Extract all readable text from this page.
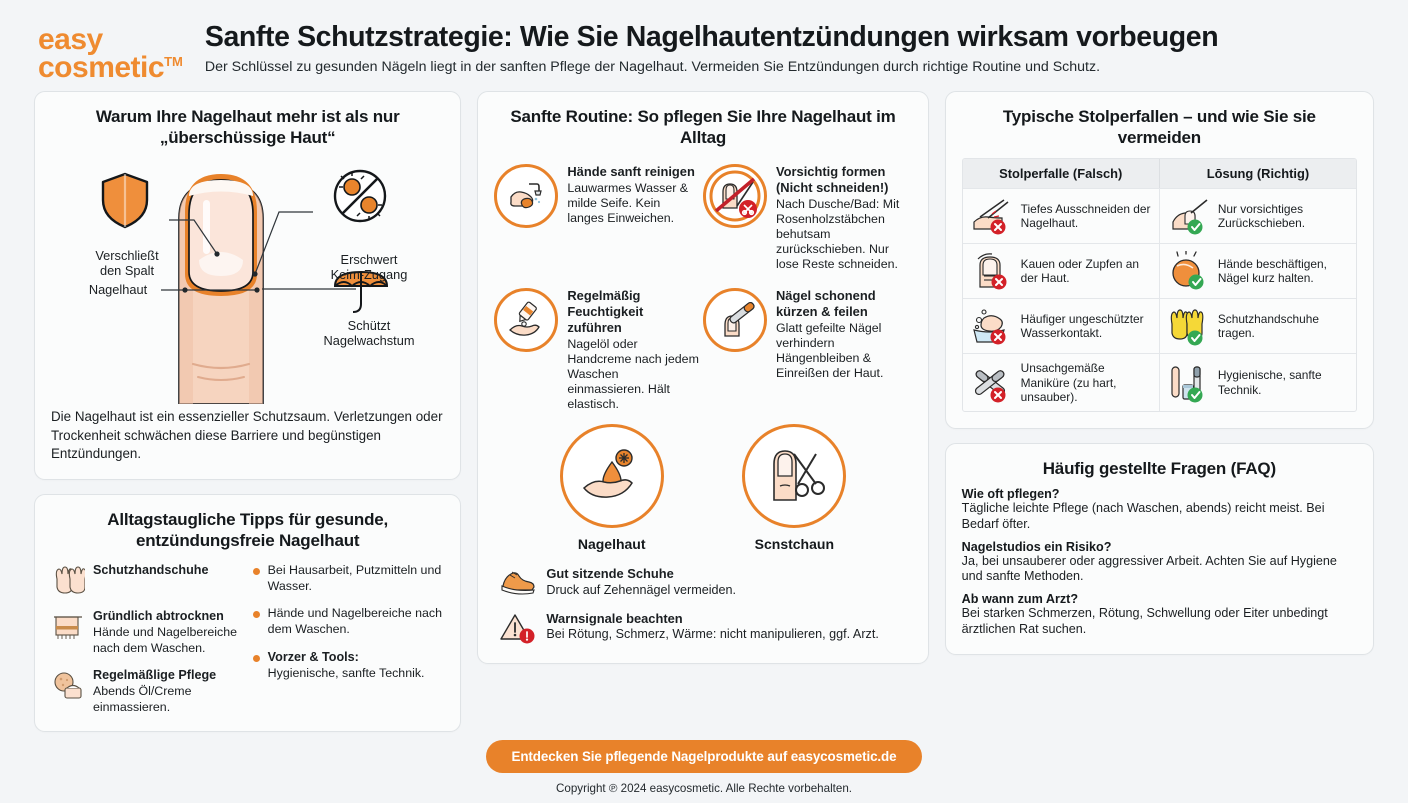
easy
cosmetic™
Sanfte Schutzstrategie: Wie Sie Nagelhautentzündungen wirksam vorbeugen
Der Schlüssel zu gesunden Nägeln liegt in der sanften Pflege der Nagelhaut. Vermeiden Sie Entzündungen durch richtige Routine und Schutz.
Warum Ihre Nagelhaut mehr ist als nur „überschüssige Haut“
Verschließt
den Spalt
Erschwert
Keim-Zugang
Schützt
Nagelwachstum
Nagelhaut
Die Nagelhaut ist ein essenzieller Schutzsaum. Verletzungen oder Trockenheit schwächen diese Barriere und begünstigen Entzündungen.
Alltagstaugliche Tipps für gesunde, entzündungsfreie Nagelhaut
Schutzhandschuhe
Gründlich abtrocknen
Hände und Nagelbereiche nach dem Waschen.
Regelmäßlige Pflege
Abends Öl/Creme einmassieren.
Bei Hausarbeit, Putzmitteln und Wasser.
Hände und Nagelbereiche nach dem Waschen.
Vorzer & Tools:
Hygienische, sanfte Technik.
Sanfte Routine: So pflegen Sie Ihre Nagelhaut im Alltag
Hände sanft reinigen
Lauwarmes Wasser & milde Seife. Kein langes Einweichen.
Vorsichtig formen (Nicht schneiden!)
Nach Dusche/Bad: Mit Rosenholzstäbchen behutsam zurückschieben. Nur lose Reste schneiden.
Regelmäßig Feuchtigkeit zuführen
Nagelöl oder Handcreme nach jedem Waschen einmassieren. Hält elastisch.
Nägel schonend kürzen & feilen
Glatt gefeilte Nägel verhindern Hängenbleiben & Einreißen der Haut.
Nagelhaut	Scnstchaun
Gut sitzende Schuhe
Druck auf Zehennägel vermeiden.
Warnsignale beachten
Bei Rötung, Schmerz, Wärme: nicht manipulieren, ggf. Arzt.
Typische Stolperfallen – und wie Sie sie vermeiden
Stolperfalle (Falsch)	Lōsung (Richtig)
Tiefes Ausschneiden der Nagelhaut.
Nur vorsichtiges Zurückschieben.
Kauen oder Zupfen an der Haut.
Hände beschäftigen, Nägel kurz halten.
Häufiger ungeschützter Wasserkontakt.
Schutzhandschuhe tragen.
Unsachgemäße Maniküre (zu hart, unsauber).
Hygienische, sanfte Technik.
Häufig gestellte Fragen (FAQ)
Wie oft pflegen?
Tägliche leichte Pflege (nach Waschen, abends) reicht meist. Bei Bedarf öfter.
Nagelstudios ein Risiko?
Ja, bei unsauberer oder aggressiver Arbeit. Achten Sie auf Hygiene und sanfte Methoden.
Ab wann zum Arzt?
Bei starken Schmerzen, Rötung, Schwellung oder Eiter unbedingt ärztlichen Rat suchen.
Entdecken Sie pflegende Nagelprodukte auf easycosmetic.de
Copyright ℗ 2024 easycosmetic. Alle Rechte vorbehalten.
